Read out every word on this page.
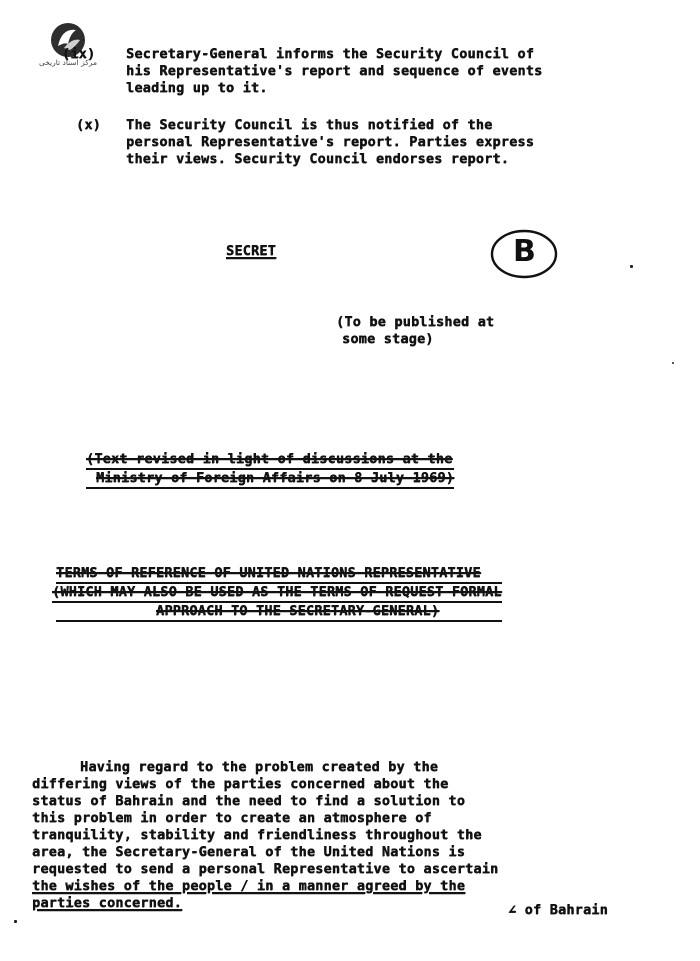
مرکز اسناد تاریخی
(ix) Secretary-General informs the Security Council of
his Representative's report and sequence of events
leading up to it.
(x) The Security Council is thus notified of the
personal Representative's report. Parties express
their views. Security Council endorses report.
SECRET	B
(To be published at
some stage)
(Text revised in light of discussions at the
Ministry of Foreign Affairs on 8 July 1969)
TERMS OF REFERENCE OF UNITED NATIONS REPRESENTATIVE
(WHICH MAY ALSO BE USED AS THE TERMS OF REQUEST FORMAL
APPROACH TO THE SECRETARY-GENERAL)
Having regard to the problem created by the
differing views of the parties concerned about the
status of Bahrain and the need to find a solution to
this problem in order to create an atmosphere of
tranquility, stability and friendliness throughout the
area, the Secretary-General of the United Nations is
requested to send a personal Representative to ascertain
the wishes of the people / in a manner agreed by the
parties concerned.	∠ of Bahrain
